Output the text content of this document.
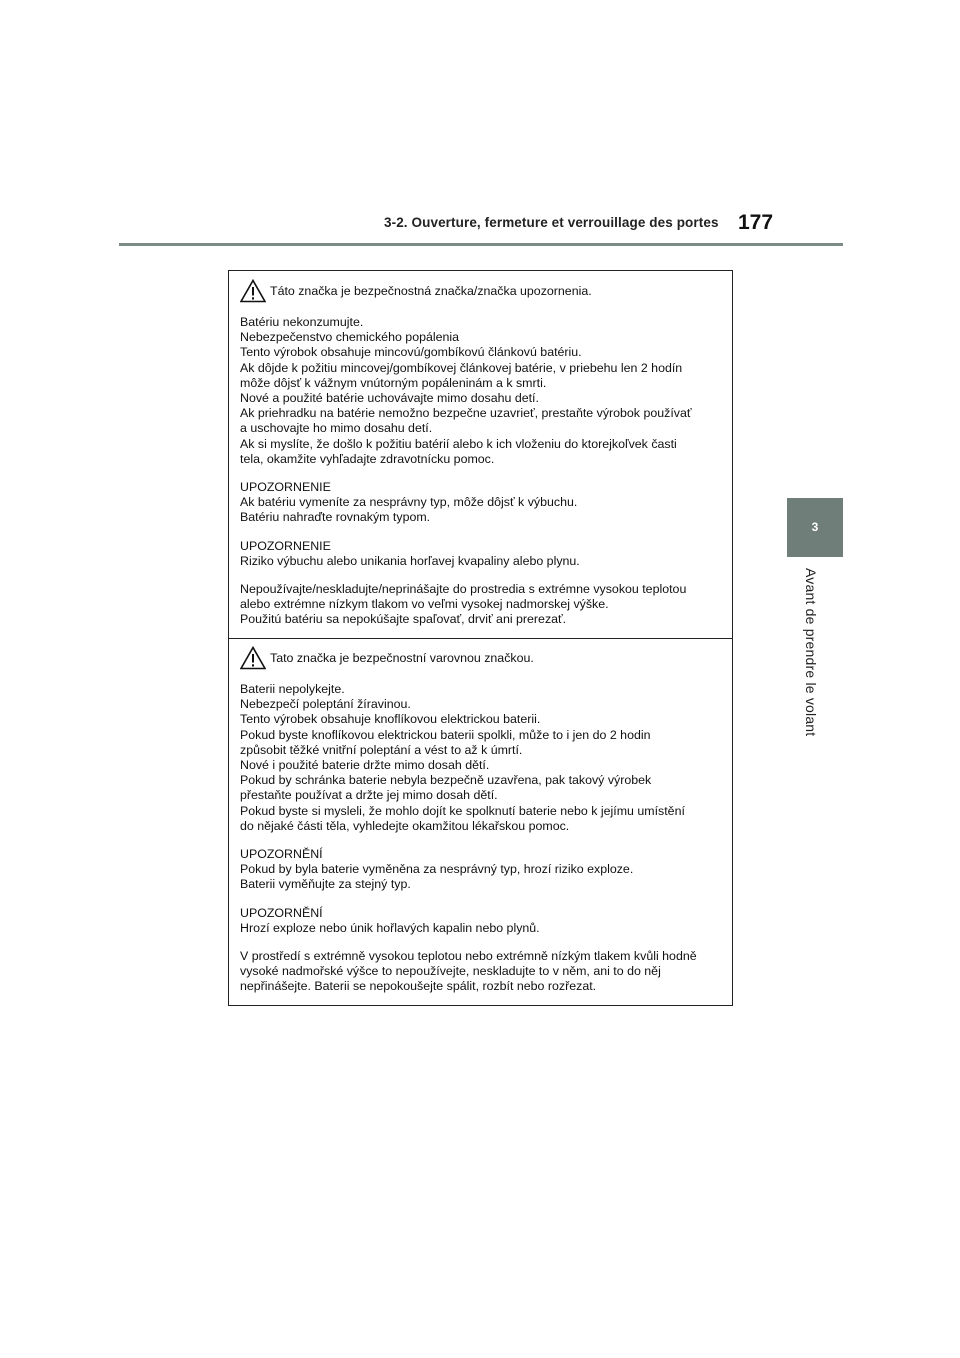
3-2. Ouverture, fermeture et verrouillage des portes 177
3
Avant de prendre le volant
Táto značka je bezpečnostná značka/značka upozornenia.

Batériu nekonzumujte.

Nebezpečenstvo chemického popálenia

Tento výrobok obsahuje mincovú/gombíkovú článkovú batériu.

Ak dôjde k požitiu mincovej/gombíkovej článkovej batérie, v priebehu len 2 hodín

môže dôjsť k vážnym vnútorným popáleninám a k smrti.

Nové a použité batérie uchovávajte mimo dosahu detí.

Ak priehradku na batérie nemožno bezpečne uzavrieť, prestaňte výrobok používať

a uschovajte ho mimo dosahu detí.

Ak si myslíte, že došlo k požitiu batérií alebo k ich vloženiu do ktorejkoľvek časti

tela, okamžite vyhľadajte zdravotnícku pomoc.

UPOZORNENIE

Ak batériu vymeníte za nesprávny typ, môže dôjsť k výbuchu.

Batériu nahraďte rovnakým typom.

UPOZORNENIE

Riziko výbuchu alebo unikania horľavej kvapaliny alebo plynu.

Nepoužívajte/neskladujte/neprinášajte do prostredia s extrémne vysokou teplotou

alebo extrémne nízkym tlakom vo veľmi vysokej nadmorskej výške.

Použitú batériu sa nepokúšajte spaľovať, drviť ani prerezať.

Tato značka je bezpečnostní varovnou značkou.

Baterii nepolykejte.

Nebezpečí poleptání žíravinou.

Tento výrobek obsahuje knoflíkovou elektrickou baterii.

Pokud byste knoflíkovou elektrickou baterii spolkli, může to i jen do 2 hodin

způsobit těžké vnitřní poleptání a vést to až k úmrtí.

Nové i použité baterie držte mimo dosah dětí.

Pokud by schránka baterie nebyla bezpečně uzavřena, pak takový výrobek

přestaňte používat a držte jej mimo dosah dětí.

Pokud byste si mysleli, že mohlo dojít ke spolknutí baterie nebo k jejímu umístění

do nějaké části těla, vyhledejte okamžitou lékařskou pomoc.

UPOZORNĚNÍ

Pokud by byla baterie vyměněna za nesprávný typ, hrozí riziko exploze.

Baterii vyměňujte za stejný typ.

UPOZORNĚNÍ

Hrozí exploze nebo únik hořlavých kapalin nebo plynů.

V prostředí s extrémně vysokou teplotou nebo extrémně nízkým tlakem kvůli hodně

vysoké nadmořské výšce to nepoužívejte, neskladujte to v něm, ani to do něj

nepřinášejte. Baterii se nepokoušejte spálit, rozbít nebo rozřezat.
